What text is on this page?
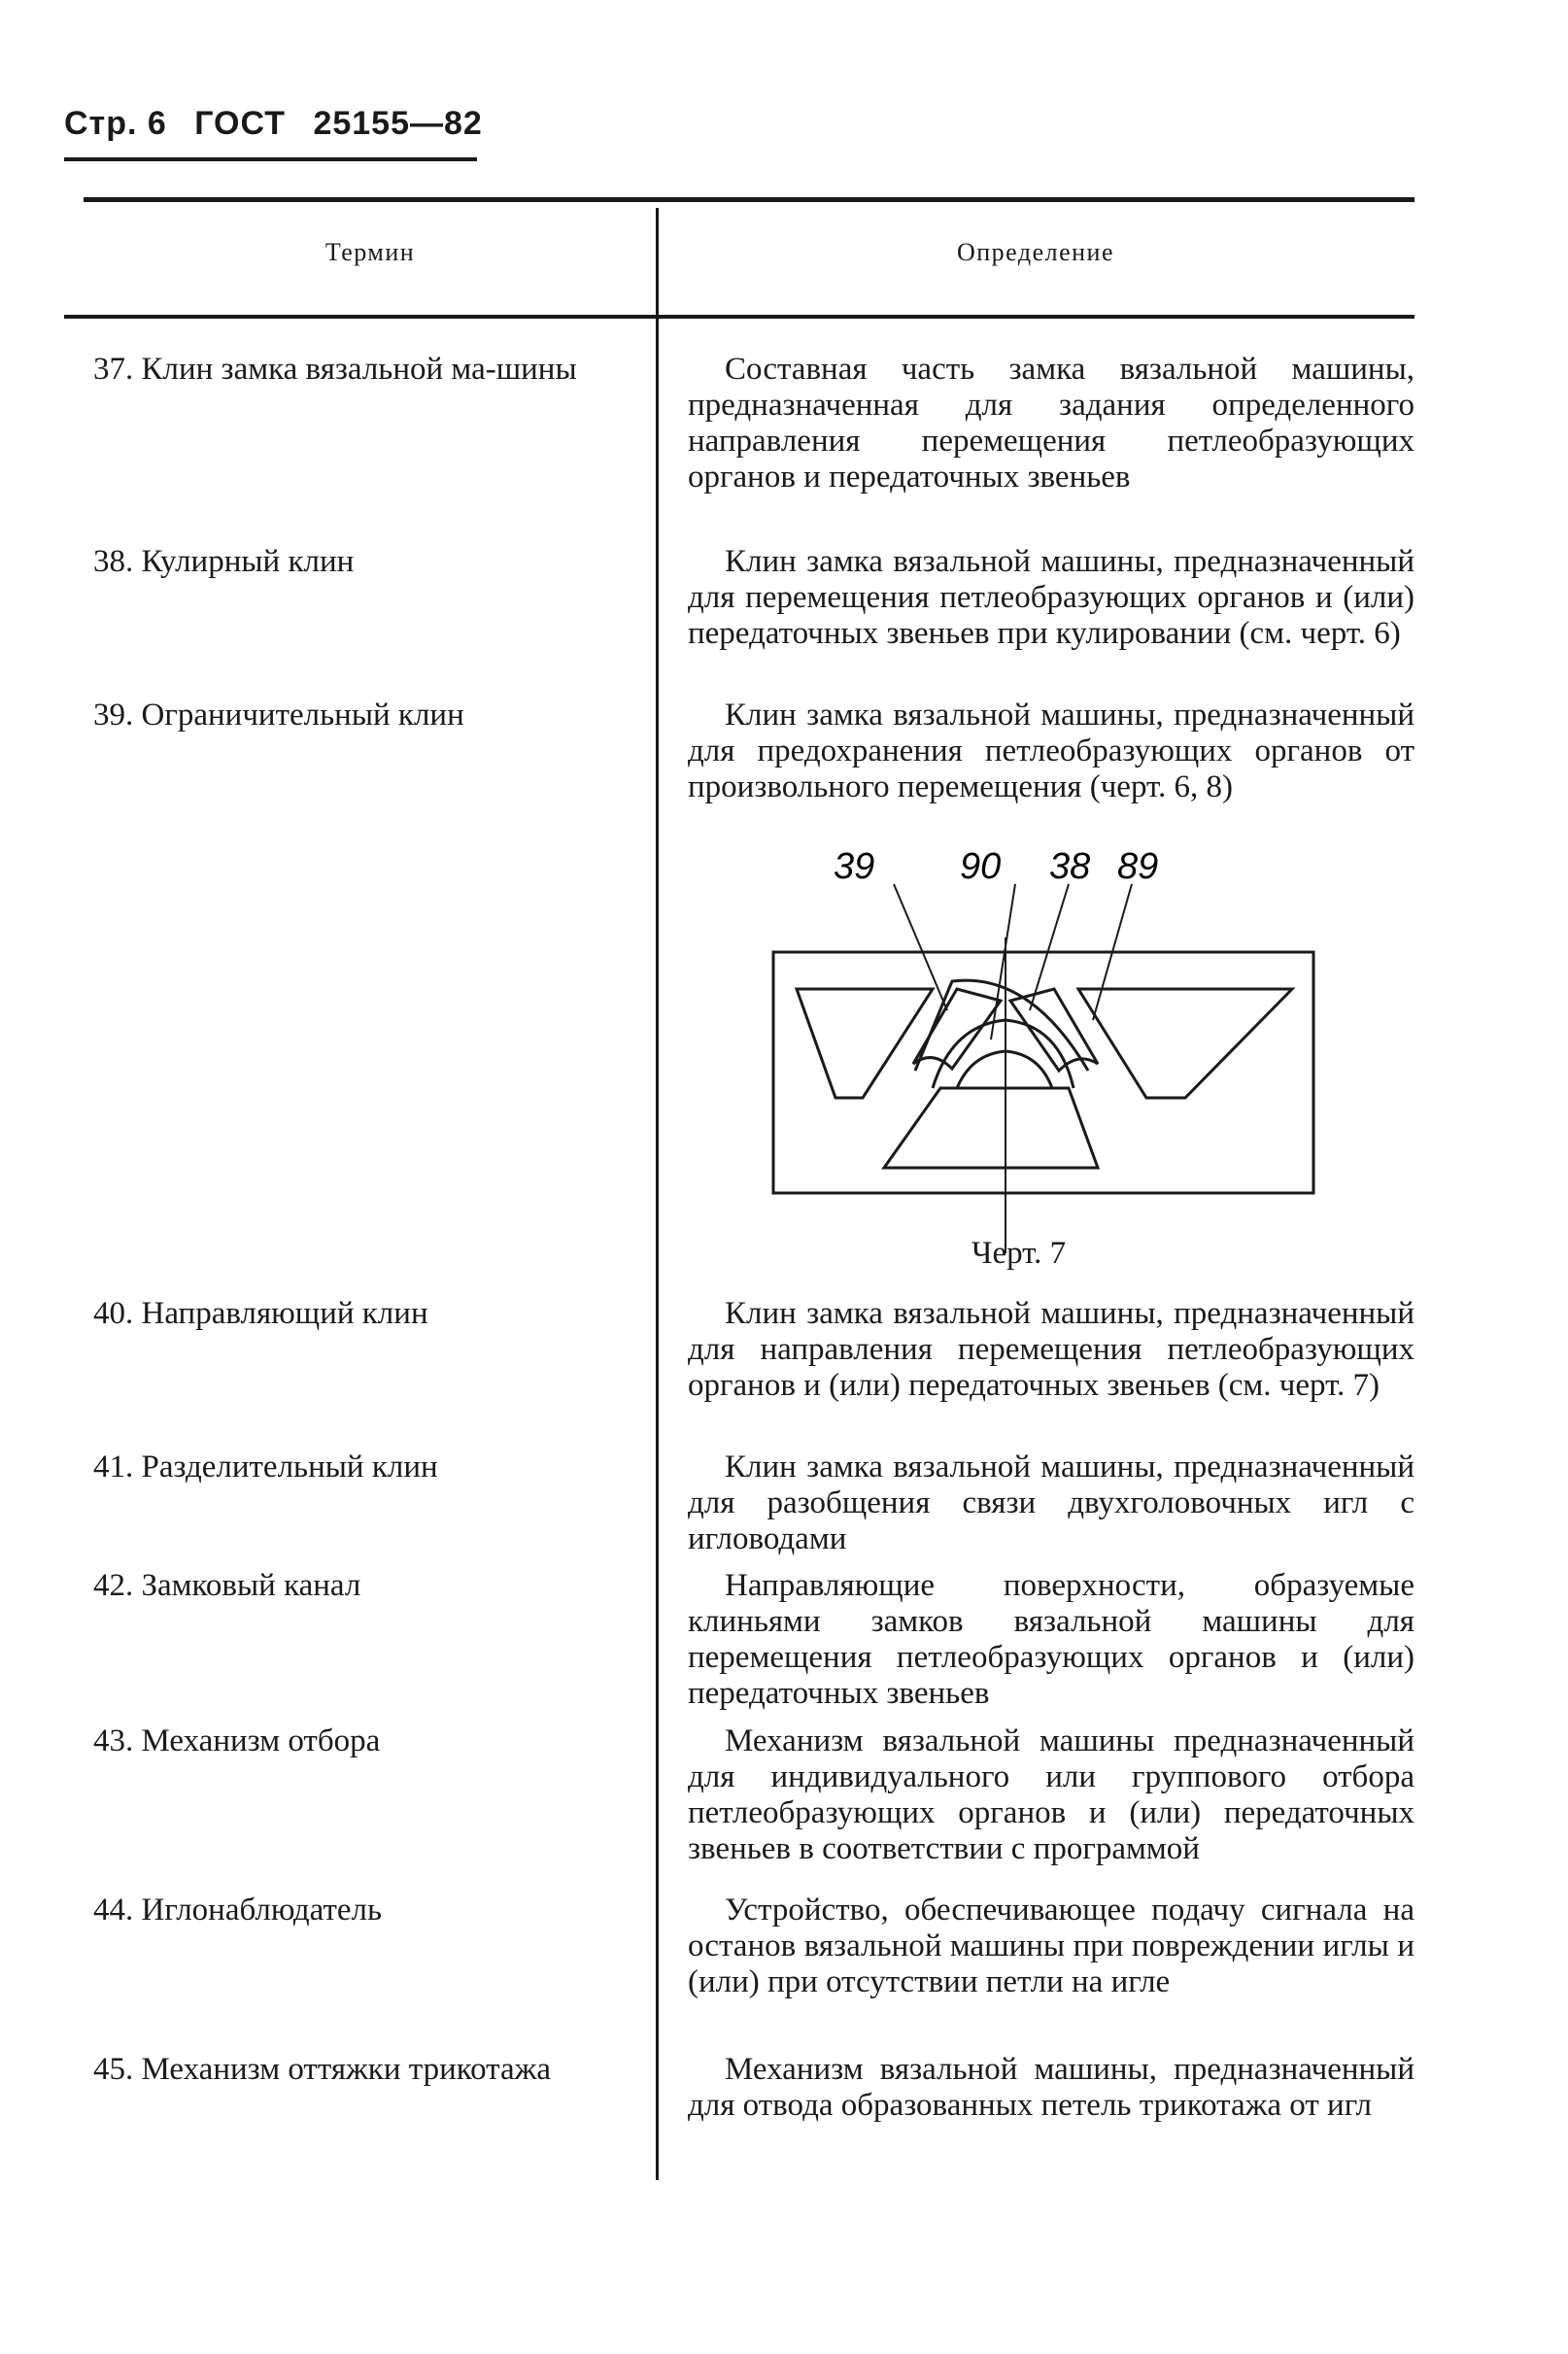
Стр. 6 ГОСТ 25155—82
Термин	Определение
37. Клин замка вязальной ма-шины	Составная часть замка вязальной машины, предназначенная для задания определенного направления перемещения петлеобразующих органов и передаточных звеньев
38. Кулирный клин	Клин замка вязальной машины, предназначенный для перемещения петлеобразующих органов и (или) передаточных звеньев при кулировании (см. черт. 6)
39. Ограничительный клин	Клин замка вязальной машины, предназначенный для предохранения петлеобразующих органов от произвольного перемещения (черт. 6, 8)
39 90 38 89
Черт. 7
40. Направляющий клин	Клин замка вязальной машины, предназначенный для направления перемещения петлеобразующих органов и (или) передаточных звеньев (см. черт. 7)
41. Разделительный клин	Клин замка вязальной машины, предназначенный для разобщения связи двухголовочных игл с игловодами
42. Замковый канал	Направляющие поверхности, образуемые клиньями замков вязальной машины для перемещения петлеобразующих органов и (или) передаточных звеньев
43. Механизм отбора	Механизм вязальной машины предназначенный для индивидуального или группового отбора петлеобразующих органов и (или) передаточных звеньев в соответствии с программой
44. Иглонаблюдатель	Устройство, обеспечивающее подачу сигнала на останов вязальной машины при повреждении иглы и (или) при отсутствии петли на игле
45. Механизм оттяжки трикотажа	Механизм вязальной машины, предназначенный для отвода образованных петель трикотажа от игл
